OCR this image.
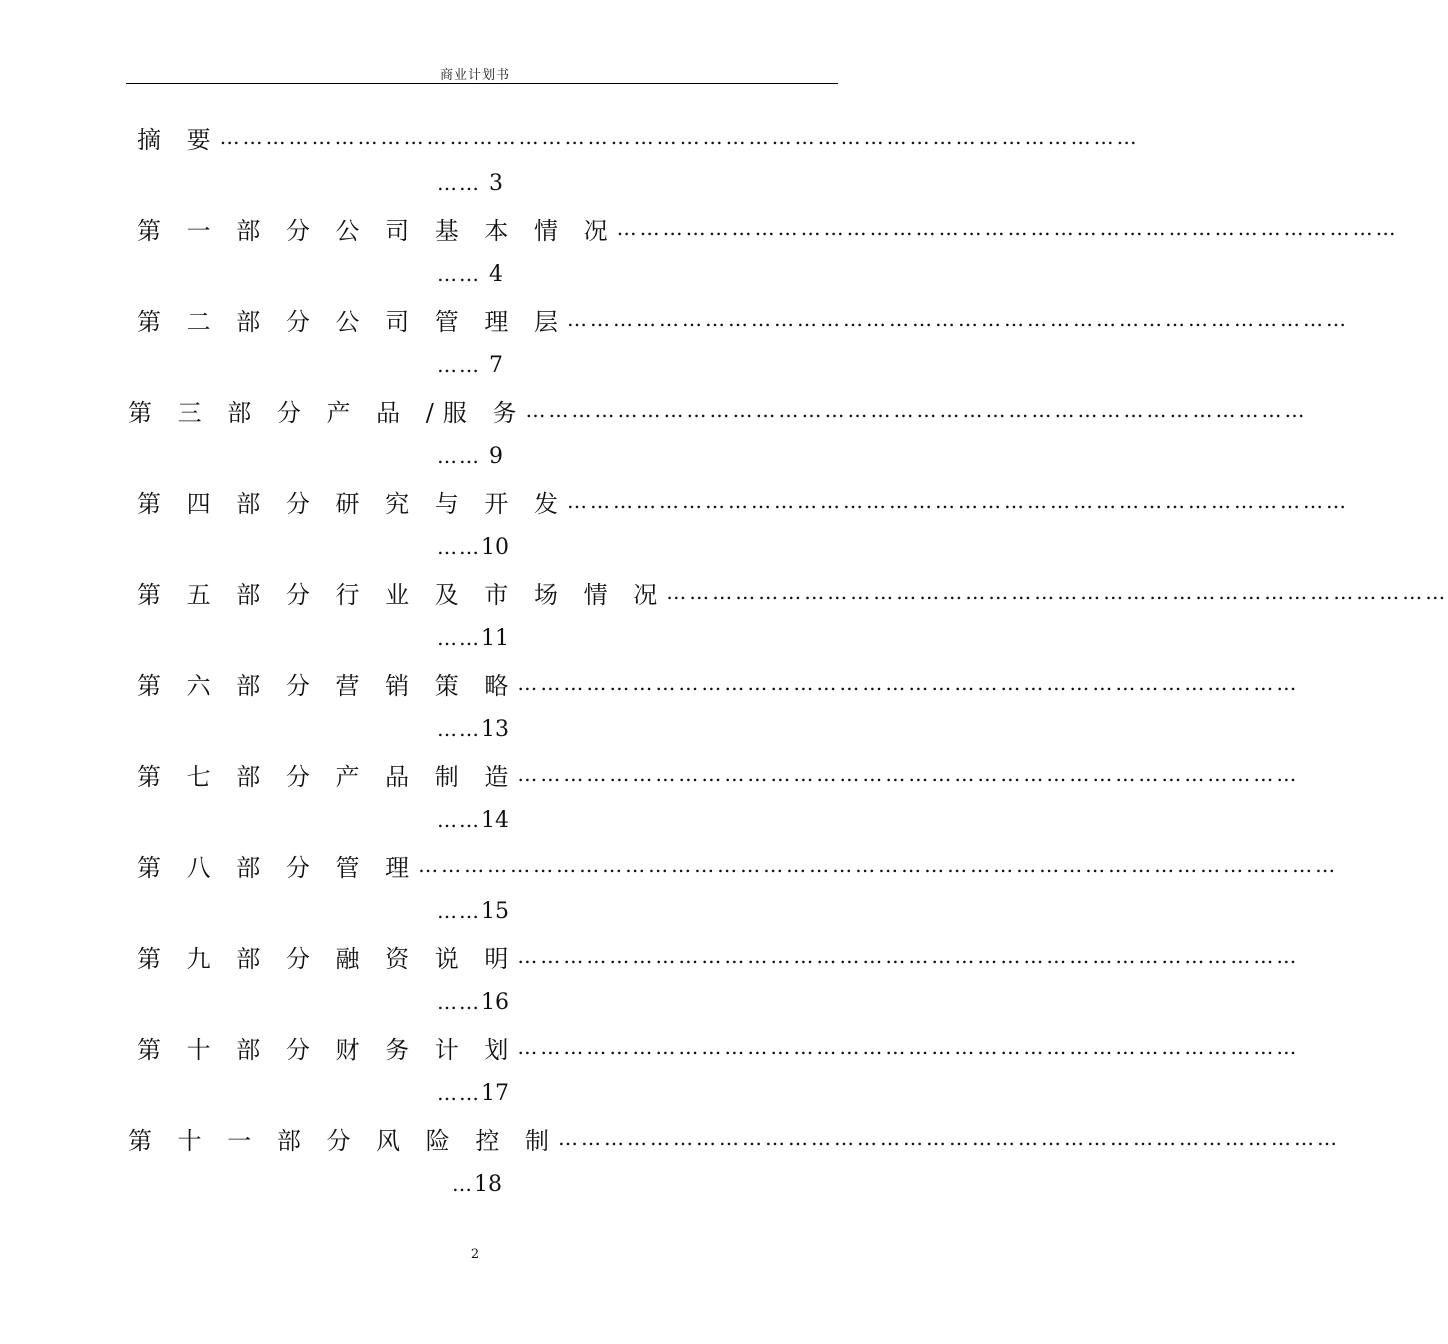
商业计划书
摘 要 …………………………………………………………………………………………………………
…… 3
第 一 部 分 公 司 基 本 情 况 …………………………………………………………………………………………
…… 4
第 二 部 分 公 司 管 理 层 …………………………………………………………………………………………
…… 7
第 三 部 分 产 品 /服 务 …………………………………………………………………………………………
…… 9
第 四 部 分 研 究 与 开 发 …………………………………………………………………………………………
…… 10
第 五 部 分 行 业 及 市 场 情 况 …………………………………………………………………………………………
…… 11
第 六 部 分 营 销 策 略 …………………………………………………………………………………………
…… 13
第 七 部 分 产 品 制 造 …………………………………………………………………………………………
…… 14
第 八 部 分 管 理 …………………………………………………………………………………………………………
…… 15
第 九 部 分 融 资 说 明 …………………………………………………………………………………………
…… 16
第 十 部 分 财 务 计 划 …………………………………………………………………………………………
…… 17
第 十 一 部 分 风 险 控 制 …………………………………………………………………………………………
… 18
2
